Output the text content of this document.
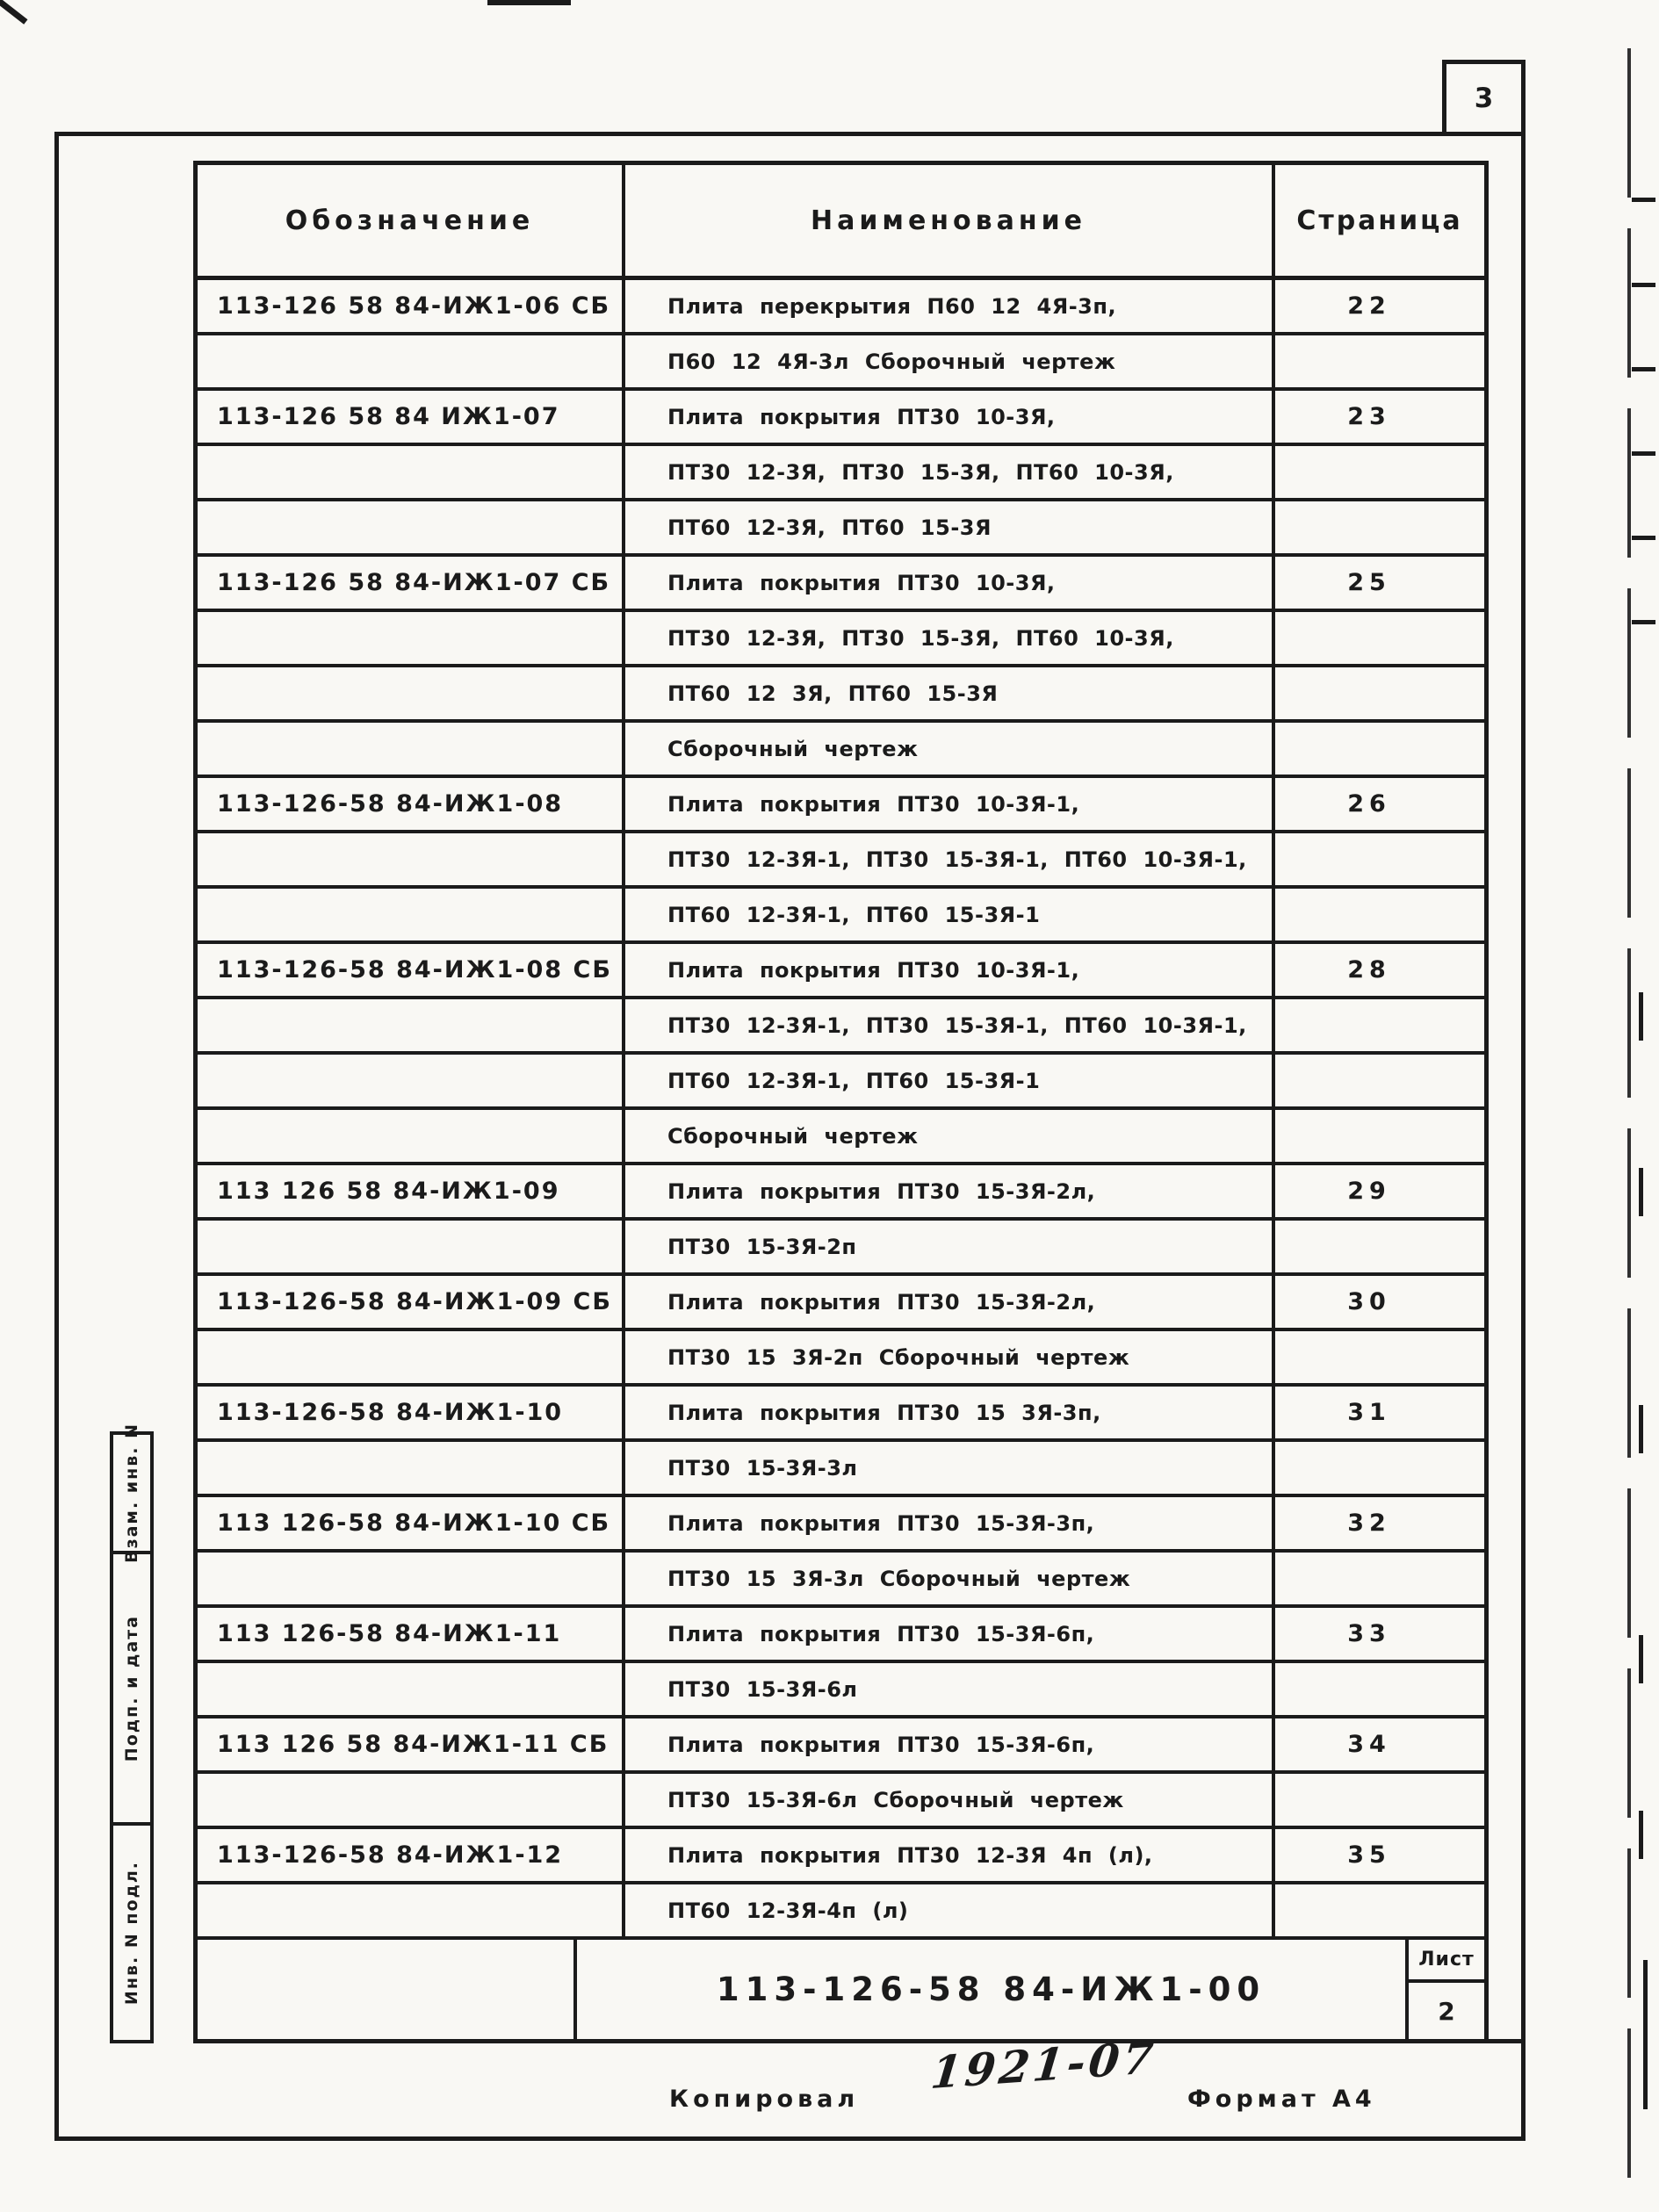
3
Обозначение	Наименование	Страница
113-126 58 84-ИЖ1-06 СБ	Плита перекрытия П60 12 4Я-3п,	22
П60 12 4Я-3л Сборочный чертеж
113-126 58 84 ИЖ1-07	Плита покрытия ПТ30 10-3Я,	23
ПТ30 12-3Я, ПТ30 15-3Я, ПТ60 10-3Я,
ПТ60 12-3Я, ПТ60 15-3Я
113-126 58 84-ИЖ1-07 СБ	Плита покрытия ПТ30 10-3Я,	25
ПТ30 12-3Я, ПТ30 15-3Я, ПТ60 10-3Я,
ПТ60 12 3Я, ПТ60 15-3Я
Сборочный чертеж
113-126-58 84-ИЖ1-08	Плита покрытия ПТ30 10-3Я-1,	26
ПТ30 12-3Я-1, ПТ30 15-3Я-1, ПТ60 10-3Я-1,
ПТ60 12-3Я-1, ПТ60 15-3Я-1
113-126-58 84-ИЖ1-08 СБ	Плита покрытия ПТ30 10-3Я-1,	28
ПТ30 12-3Я-1, ПТ30 15-3Я-1, ПТ60 10-3Я-1,
ПТ60 12-3Я-1, ПТ60 15-3Я-1
Сборочный чертеж
113 126 58 84-ИЖ1-09	Плита покрытия ПТ30 15-3Я-2л,	29
ПТ30 15-3Я-2п
113-126-58 84-ИЖ1-09 СБ	Плита покрытия ПТ30 15-3Я-2л,	30
ПТ30 15 3Я-2п Сборочный чертеж
113-126-58 84-ИЖ1-10	Плита покрытия ПТ30 15 3Я-3п,	31
ПТ30 15-3Я-3л
113 126-58 84-ИЖ1-10 СБ	Плита покрытия ПТ30 15-3Я-3п,	32
ПТ30 15 3Я-3л Сборочный чертеж
113 126-58 84-ИЖ1-11	Плита покрытия ПТ30 15-3Я-6п,	33
ПТ30 15-3Я-6л
113 126 58 84-ИЖ1-11 СБ	Плита покрытия ПТ30 15-3Я-6п,	34
ПТ30 15-3Я-6л Сборочный чертеж
113-126-58 84-ИЖ1-12	Плита покрытия ПТ30 12-3Я 4п (л),	35
ПТ60 12-3Я-4п (л)
113-126-58 84-ИЖ1-00
Лист
2
Взам. инв. N
Подп. и дата
Инв. N подл.
1921-07
Копировал	Формат А4
